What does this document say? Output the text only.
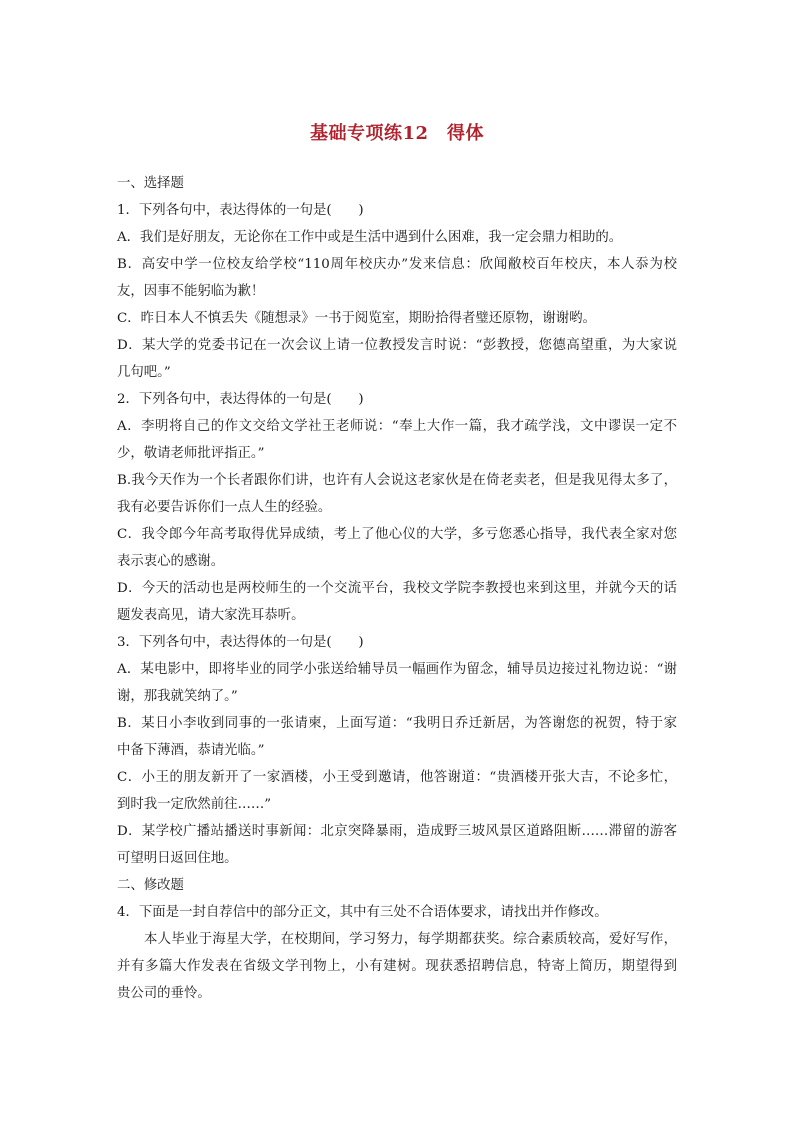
基础专项练12　得体
一、选择题
1．下列各句中，表达得体的一句是(　　)
A．我们是好朋友，无论你在工作中或是生活中遇到什么困难，我一定会鼎力相助的。
B．高安中学一位校友给学校“110周年校庆办”发来信息：欣闻敝校百年校庆，本人忝为校
友，因事不能躬临为歉！
C．昨日本人不慎丢失《随想录》一书于阅览室，期盼拾得者璧还原物，谢谢哟。
D．某大学的党委书记在一次会议上请一位教授发言时说：“彭教授，您德高望重，为大家说
几句吧。”
2．下列各句中，表达得体的一句是(　　)
A．李明将自己的作文交给文学社王老师说：“奉上大作一篇，我才疏学浅，文中谬误一定不
少，敬请老师批评指正。”
B.我今天作为一个长者跟你们讲，也许有人会说这老家伙是在倚老卖老，但是我见得太多了，
我有必要告诉你们一点人生的经验。
C．我令郎今年高考取得优异成绩，考上了他心仪的大学，多亏您悉心指导，我代表全家对您
表示衷心的感谢。
D．今天的活动也是两校师生的一个交流平台，我校文学院李教授也来到这里，并就今天的话
题发表高见，请大家洗耳恭听。
3．下列各句中，表达得体的一句是(　　)
A．某电影中，即将毕业的同学小张送给辅导员一幅画作为留念，辅导员边接过礼物边说：“谢
谢，那我就笑纳了。”
B．某日小李收到同事的一张请柬，上面写道：“我明日乔迁新居，为答谢您的祝贺，特于家
中备下薄酒，恭请光临。”
C．小王的朋友新开了一家酒楼，小王受到邀请，他答谢道：“贵酒楼开张大吉，不论多忙，
到时我一定欣然前往……”
D．某学校广播站播送时事新闻：北京突降暴雨，造成野三坡风景区道路阻断……滞留的游客
可望明日返回住地。
二、修改题
4．下面是一封自荐信中的部分正文，其中有三处不合语体要求，请找出并作修改。
本人毕业于海星大学，在校期间，学习努力，每学期都获奖。综合素质较高，爱好写作，
并有多篇大作发表在省级文学刊物上，小有建树。现获悉招聘信息，特寄上简历，期望得到
贵公司的垂怜。
